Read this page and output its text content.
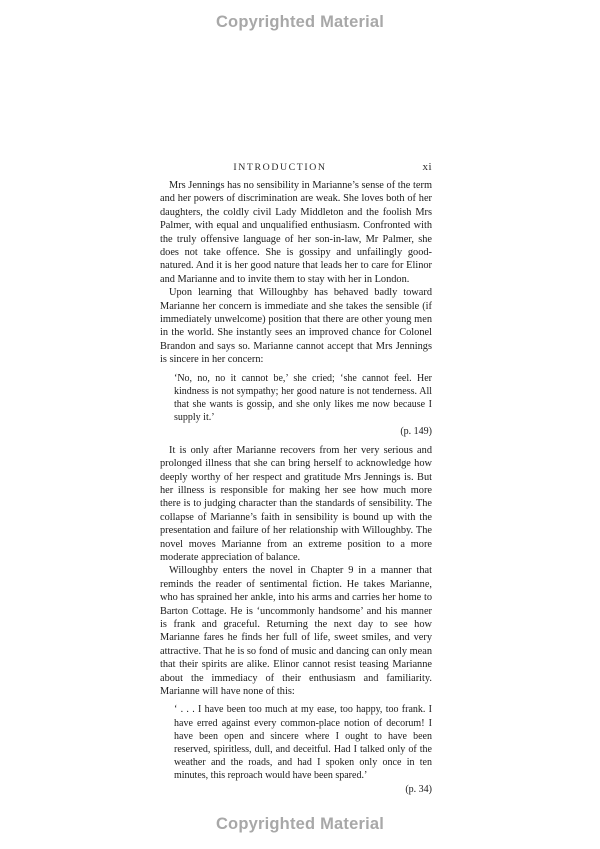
Copyrighted Material
INTRODUCTION	xi

Mrs Jennings has no sensibility in Marianne’s sense of the term and her powers of discrimination are weak. She loves both of her daughters, the coldly civil Lady Middleton and the foolish Mrs Palmer, with equal and unqualified enthusiasm. Confronted with the truly offensive language of her son-in-law, Mr Palmer, she does not take offence. She is gossipy and unfailingly good-natured. And it is her good nature that leads her to care for Elinor and Marianne and to invite them to stay with her in London.

Upon learning that Willoughby has behaved badly toward Marianne her concern is immediate and she takes the sensible (if immediately unwelcome) position that there are other young men in the world. She instantly sees an improved chance for Colonel Brandon and says so. Marianne cannot accept that Mrs Jennings is sincere in her concern:

‘No, no, no it cannot be,’ she cried; ‘she cannot feel. Her kindness is not sympathy; her good nature is not tenderness. All that she wants is gossip, and she only likes me now because I supply it.’
(p. 149)

It is only after Marianne recovers from her very serious and prolonged illness that she can bring herself to acknowledge how deeply worthy of her respect and gratitude Mrs Jennings is. But her illness is responsible for making her see how much more there is to judging character than the standards of sensibility. The collapse of Marianne’s faith in sensibility is bound up with the presentation and failure of her relationship with Willoughby. The novel moves Marianne from an extreme position to a more moderate appreciation of balance.

Willoughby enters the novel in Chapter 9 in a manner that reminds the reader of sentimental fiction. He takes Marianne, who has sprained her ankle, into his arms and carries her home to Barton Cottage. He is ‘uncommonly handsome’ and his manner is frank and graceful. Returning the next day to see how Marianne fares he finds her full of life, sweet smiles, and very attractive. That he is so fond of music and dancing can only mean that their spirits are alike. Elinor cannot resist teasing Marianne about the immediacy of their enthusiasm and familiarity. Marianne will have none of this:

‘ . . . I have been too much at my ease, too happy, too frank. I have erred against every common-place notion of decorum! I have been open and sincere where I ought to have been reserved, spiritless, dull, and deceitful. Had I talked only of the weather and the roads, and had I spoken only once in ten minutes, this reproach would have been spared.’
(p. 34)
Copyrighted Material
